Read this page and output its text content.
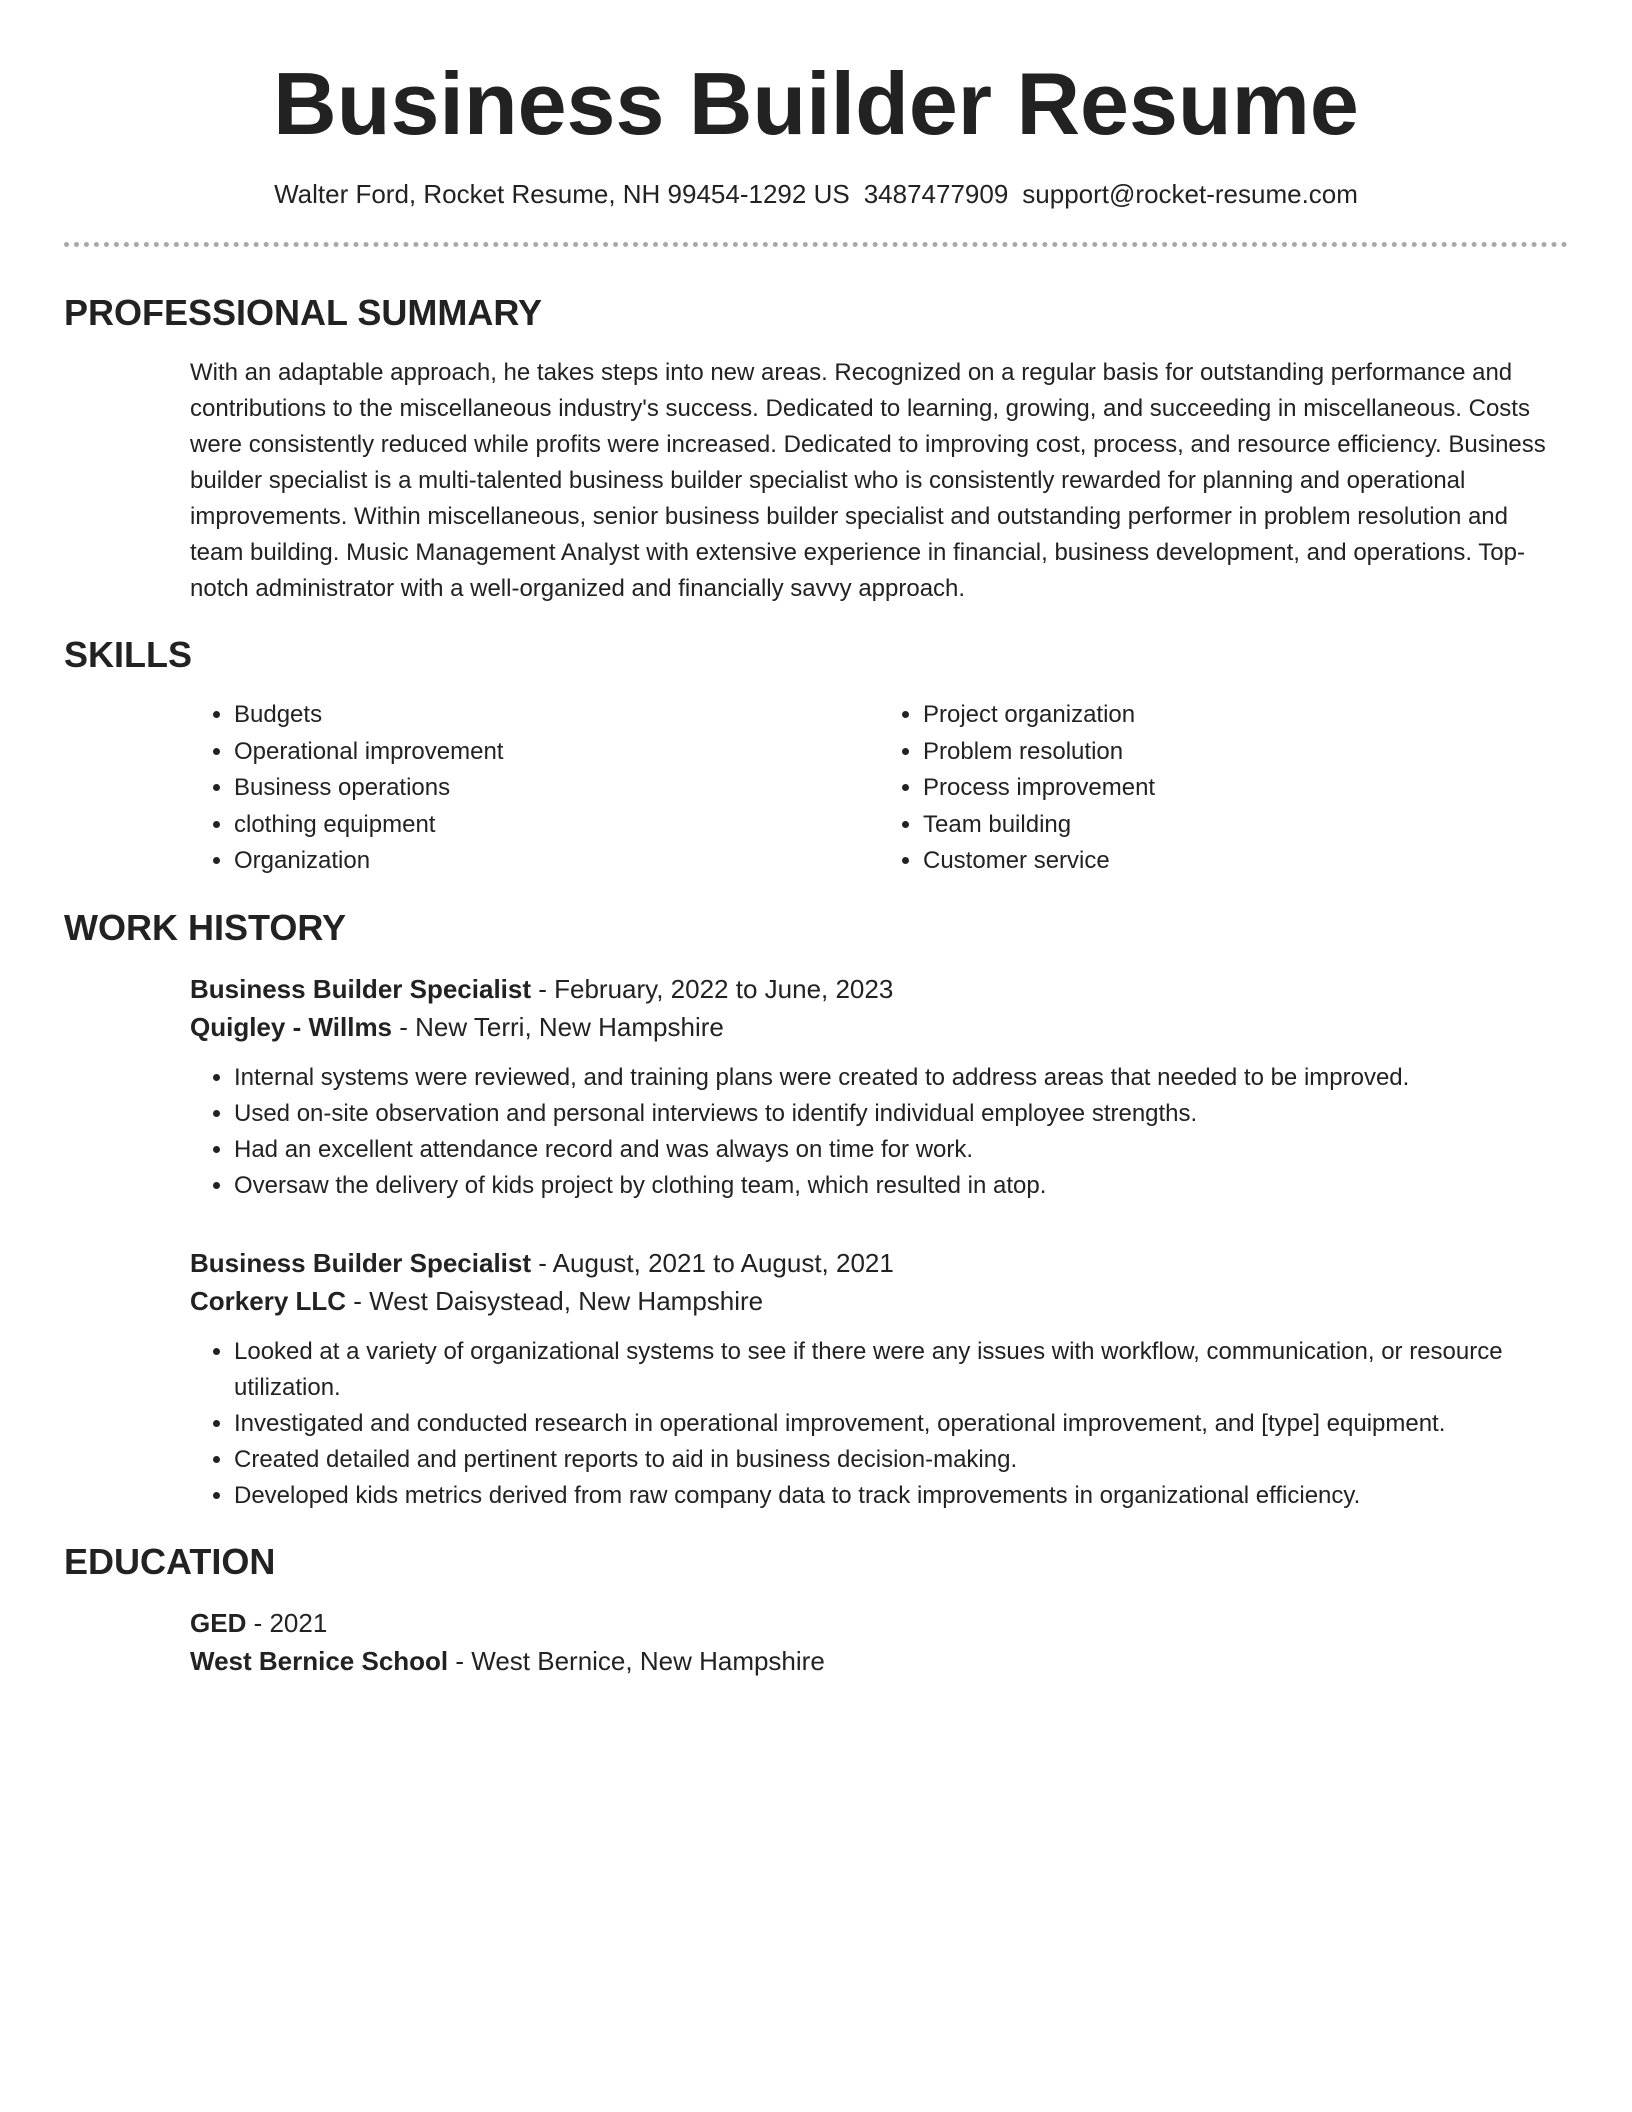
Business Builder Resume
Walter Ford, Rocket Resume, NH 99454-1292 US 3487477909 support@rocket-resume.com
PROFESSIONAL SUMMARY

With an adaptable approach, he takes steps into new areas. Recognized on a regular basis for outstanding performance and contributions to the miscellaneous industry's success. Dedicated to learning, growing, and succeeding in miscellaneous. Costs were consistently reduced while profits were increased. Dedicated to improving cost, process, and resource efficiency. Business builder specialist is a multi-talented business builder specialist who is consistently rewarded for planning and operational improvements. Within miscellaneous, senior business builder specialist and outstanding performer in problem resolution and team building. Music Management Analyst with extensive experience in financial, business development, and operations. Top-notch administrator with a well-organized and financially savvy approach.

SKILLS
• Budgets
• Operational improvement
• Business operations
• clothing equipment
• Organization
• Project organization
• Problem resolution
• Process improvement
• Team building
• Customer service
WORK HISTORY
Business Builder Specialist - February, 2022 to June, 2023
Quigley - Willms - New Terri, New Hampshire
• Internal systems were reviewed, and training plans were created to address areas that needed to be improved.
• Used on-site observation and personal interviews to identify individual employee strengths.
• Had an excellent attendance record and was always on time for work.
• Oversaw the delivery of kids project by clothing team, which resulted in atop.
Business Builder Specialist - August, 2021 to August, 2021
Corkery LLC - West Daisystead, New Hampshire
• Looked at a variety of organizational systems to see if there were any issues with workflow, communication, or resource utilization.
• Investigated and conducted research in operational improvement, operational improvement, and [type] equipment.
• Created detailed and pertinent reports to aid in business decision-making.
• Developed kids metrics derived from raw company data to track improvements in organizational efficiency.
EDUCATION
GED - 2021
West Bernice School - West Bernice, New Hampshire
